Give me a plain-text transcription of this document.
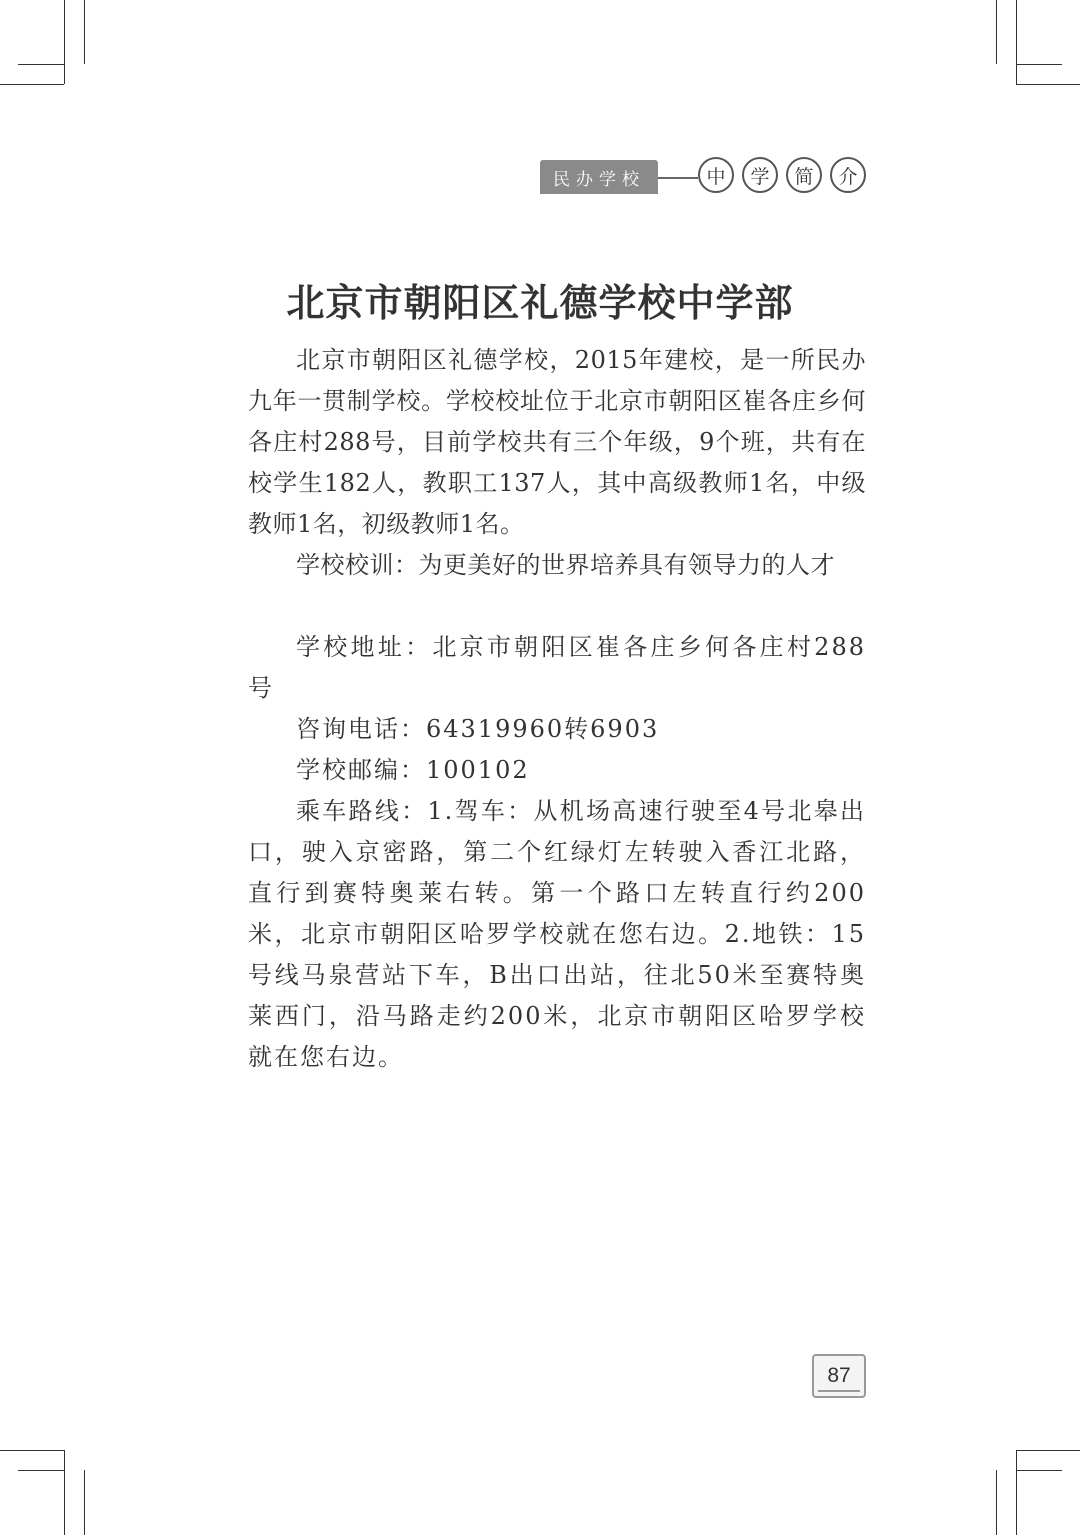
民办学校	中	学	简	介
北京市朝阳区礼德学校中学部

北京市朝阳区礼德学校，2015年建校，是一所民办九年一贯制学校。学校校址位于北京市朝阳区崔各庄乡何各庄村288号，目前学校共有三个年级，9个班，共有在校学生182人，教职工137人，其中高级教师1名，中级教师1名，初级教师1名。

学校校训：为更美好的世界培养具有领导力的人才

学校地址：北京市朝阳区崔各庄乡何各庄村288号

咨询电话：64319960转6903

学校邮编：100102

乘车路线：1.驾车：从机场高速行驶至4号北皋出口，驶入京密路，第二个红绿灯左转驶入香江北路，直行到赛特奥莱右转。第一个路口左转直行约200米，北京市朝阳区哈罗学校就在您右边。2.地铁：15号线马泉营站下车，B出口出站，往北50米至赛特奥莱西门，沿马路走约200米，北京市朝阳区哈罗学校就在您右边。

87
